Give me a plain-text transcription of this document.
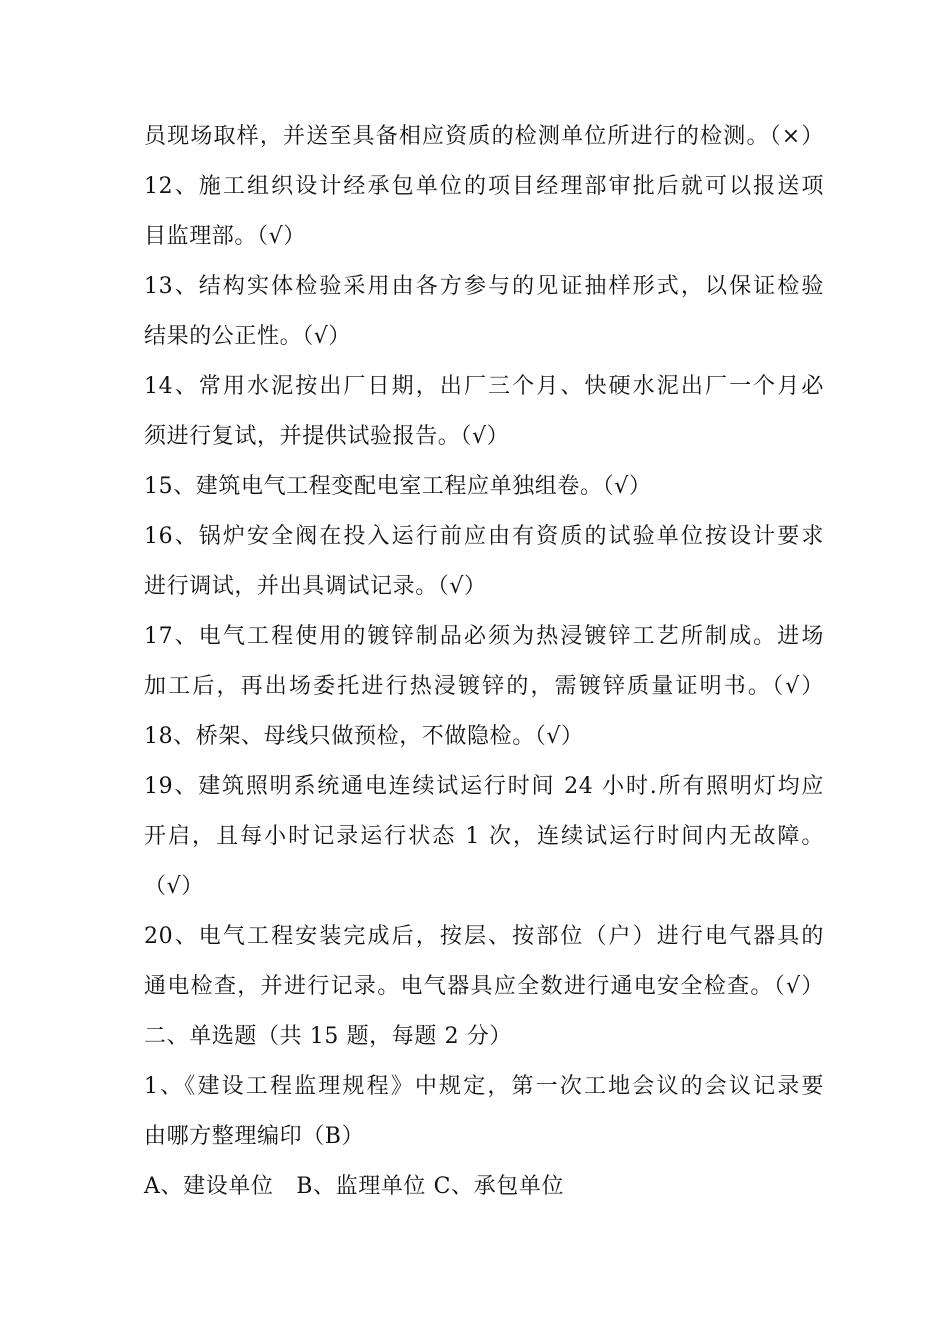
员现场取样，并送至具备相应资质的检测单位所进行的检测。（×）
12、施工组织设计经承包单位的项目经理部审批后就可以报送项
目监理部。（√）
13、结构实体检验采用由各方参与的见证抽样形式，以保证检验
结果的公正性。（√）
14、常用水泥按出厂日期，出厂三个月、快硬水泥出厂一个月必
须进行复试，并提供试验报告。（√）
15、建筑电气工程变配电室工程应单独组卷。（√）
16、锅炉安全阀在投入运行前应由有资质的试验单位按设计要求
进行调试，并出具调试记录。（√）
17、电气工程使用的镀锌制品必须为热浸镀锌工艺所制成。进场
加工后，再出场委托进行热浸镀锌的，需镀锌质量证明书。（√）
18、桥架、母线只做预检，不做隐检。（√）
19、建筑照明系统通电连续试运行时间 24 小时.所有照明灯均应
开启，且每小时记录运行状态 1 次，连续试运行时间内无故障。
（√）
20、电气工程安装完成后，按层、按部位（户）进行电气器具的
通电检查，并进行记录。电气器具应全数进行通电安全检查。（√）
二、单选题（共 15 题，每题 2 分）
1、《建设工程监理规程》中规定，第一次工地会议的会议记录要
由哪方整理编印（B）
A、建设单位   B、监理单位 C、承包单位
